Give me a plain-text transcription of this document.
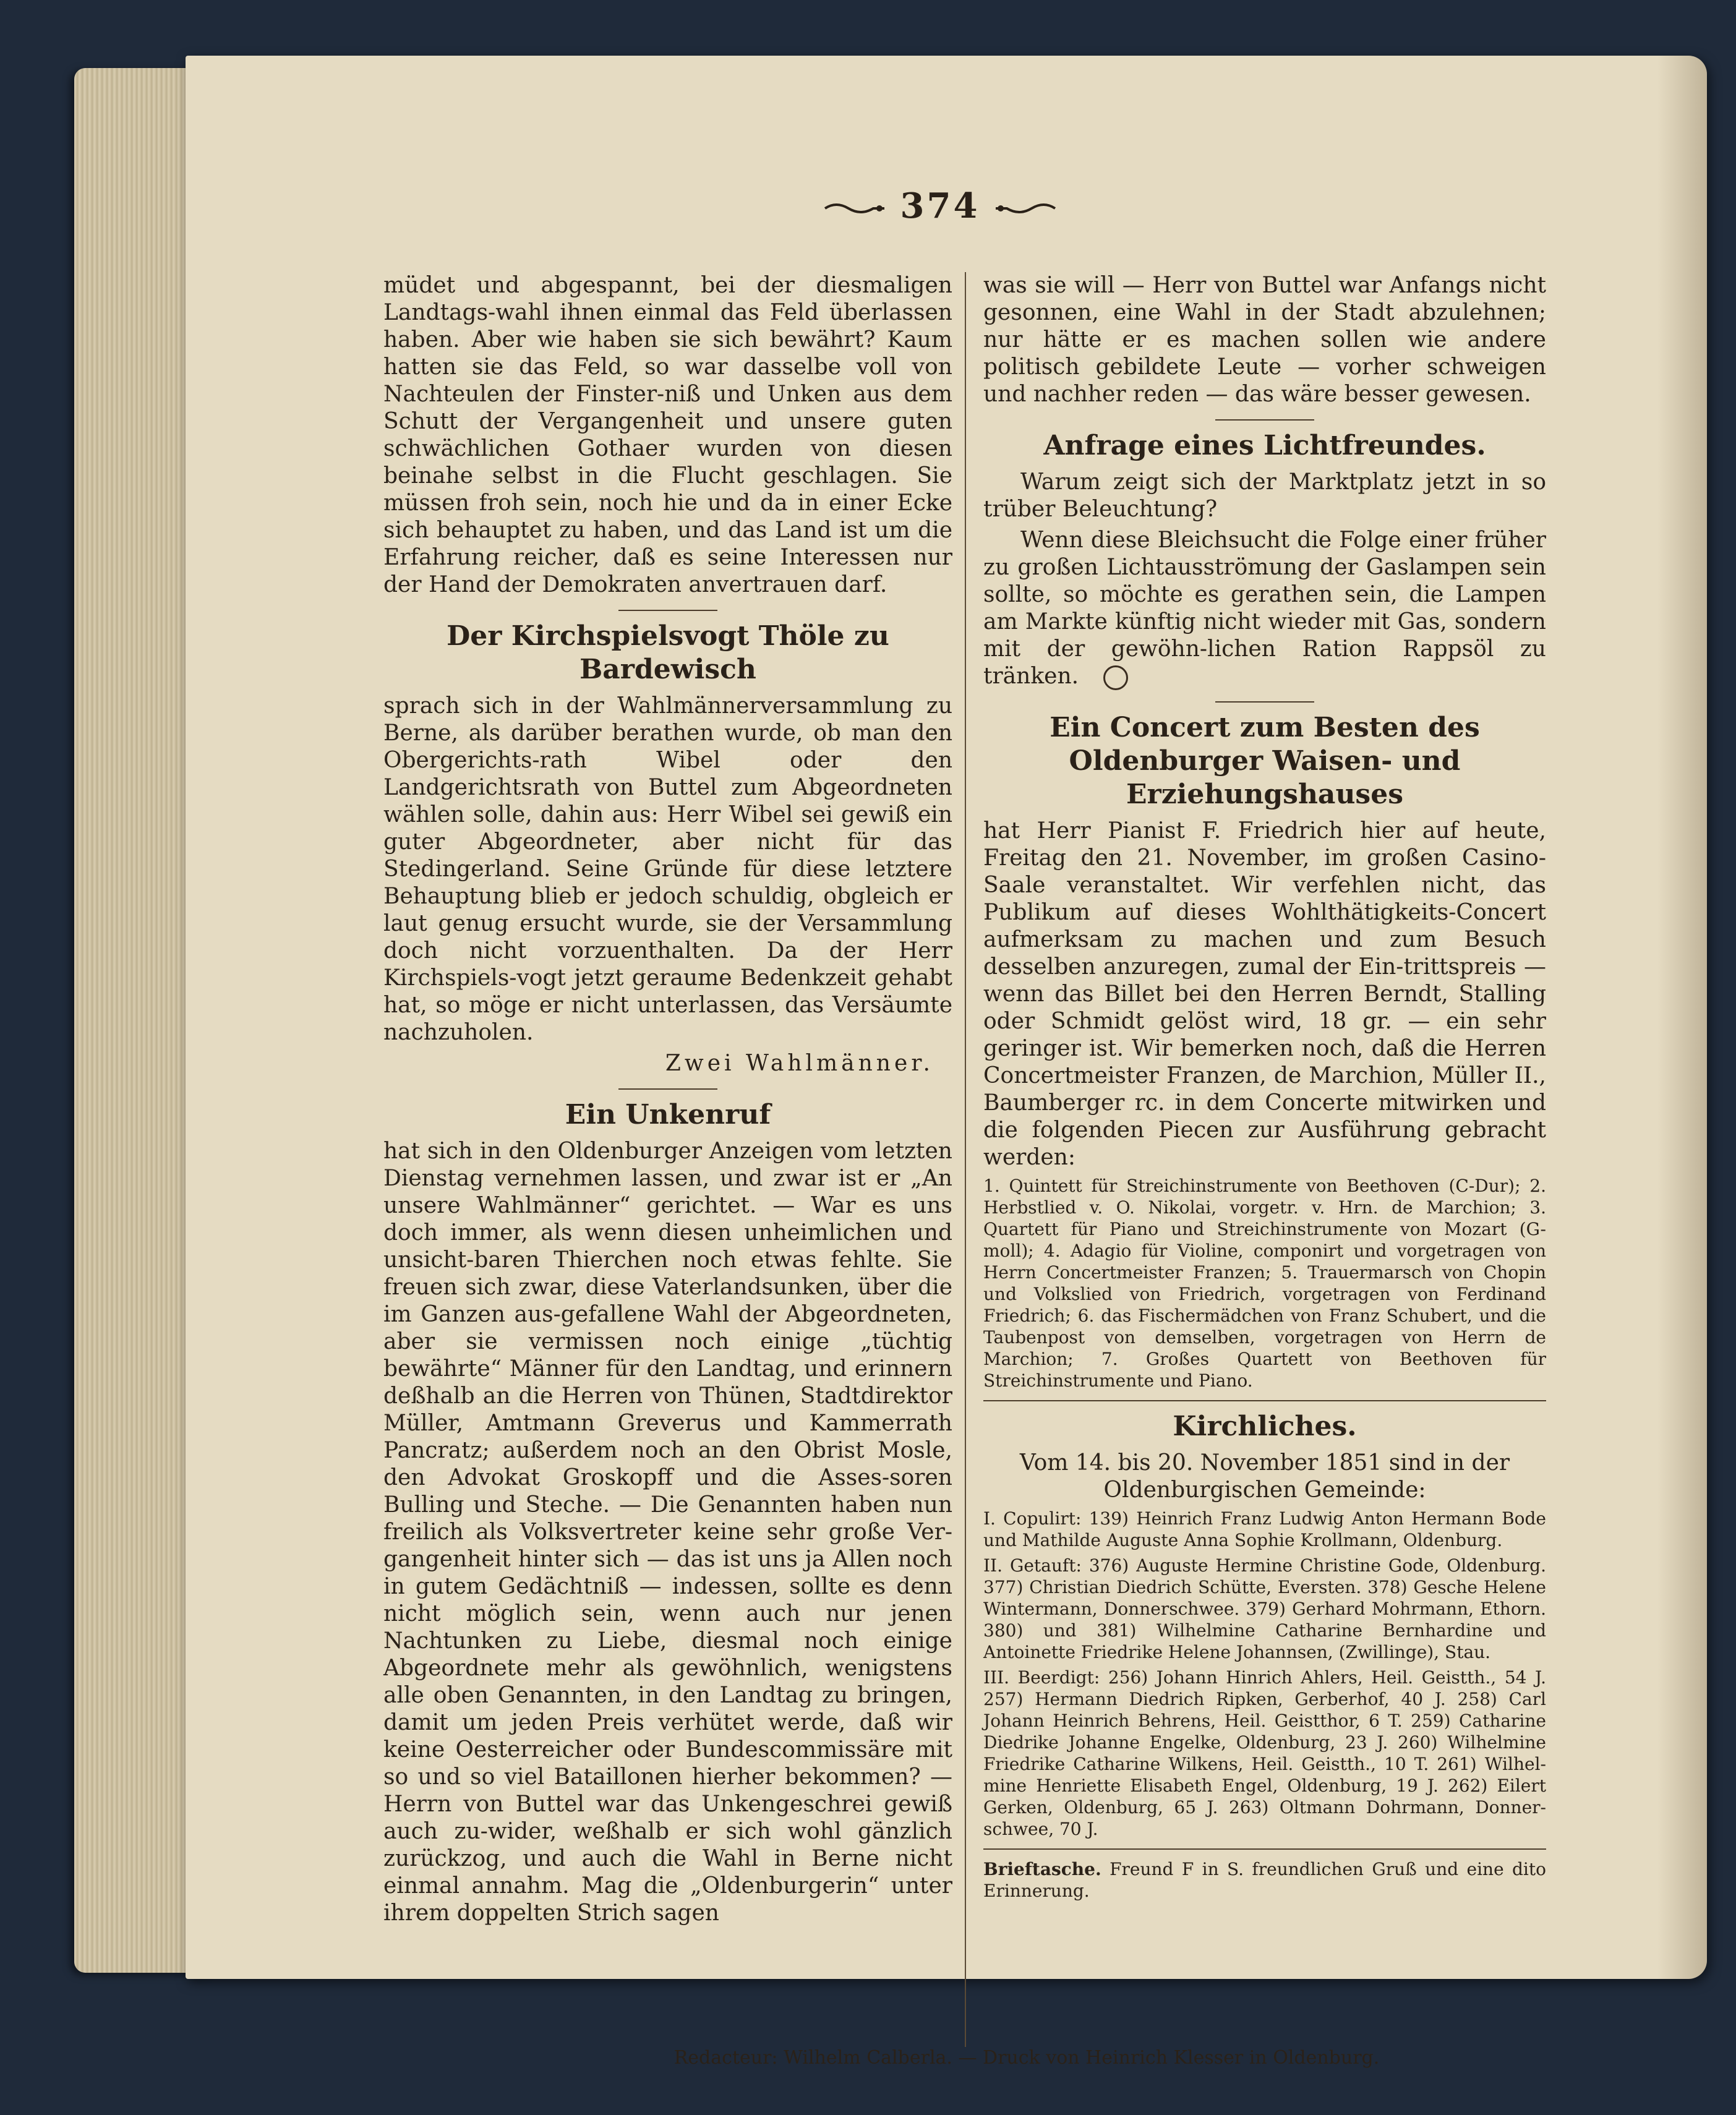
374

müdet und abgespannt, bei der diesmaligen Landtags-wahl ihnen einmal das Feld überlassen haben. Aber wie haben sie sich bewährt? Kaum hatten sie das Feld, so war dasselbe voll von Nachteulen der Finster-niß und Unken aus dem Schutt der Vergangenheit und unsere guten schwächlichen Gothaer wurden von diesen beinahe selbst in die Flucht geschlagen. Sie müssen froh sein, noch hie und da in einer Ecke sich behauptet zu haben, und das Land ist um die Erfahrung reicher, daß es seine Interessen nur der Hand der Demokraten anvertrauen darf.

Der Kirchspielsvogt Thöle zu Bardewisch

sprach sich in der Wahlmännerversammlung zu Berne, als darüber berathen wurde, ob man den Obergerichts-rath Wibel oder den Landgerichtsrath von Buttel zum Abgeordneten wählen solle, dahin aus: Herr Wibel sei gewiß ein guter Abgeordneter, aber nicht für das Stedingerland. Seine Gründe für diese letztere Behauptung blieb er jedoch schuldig, obgleich er laut genug ersucht wurde, sie der Versammlung doch nicht vorzuenthalten. Da der Herr Kirchspiels-vogt jetzt geraume Bedenkzeit gehabt hat, so möge er nicht unterlassen, das Versäumte nachzuholen.

Zwei Wahlmänner.
Ein Unkenruf

hat sich in den Oldenburger Anzeigen vom letzten Dienstag vernehmen lassen, und zwar ist er „An unsere Wahlmänner“ gerichtet. — War es uns doch immer, als wenn diesen unheimlichen und unsicht-baren Thierchen noch etwas fehlte. Sie freuen sich zwar, diese Vaterlandsunken, über die im Ganzen aus-gefallene Wahl der Abgeordneten, aber sie vermissen noch einige „tüchtig bewährte“ Männer für den Landtag, und erinnern deßhalb an die Herren von Thünen, Stadtdirektor Müller, Amtmann Greverus und Kammerrath Pancratz; außerdem noch an den Obrist Mosle, den Advokat Groskopff und die Asses-soren Bulling und Steche. — Die Genannten haben nun freilich als Volksvertreter keine sehr große Ver-gangenheit hinter sich — das ist uns ja Allen noch in gutem Gedächtniß — indessen, sollte es denn nicht möglich sein, wenn auch nur jenen Nachtunken zu Liebe, diesmal noch einige Abgeordnete mehr als gewöhnlich, wenigstens alle oben Genannten, in den Landtag zu bringen, damit um jeden Preis verhütet werde, daß wir keine Oesterreicher oder Bundescommissäre mit so und so viel Bataillonen hierher bekommen? — Herrn von Buttel war das Unkengeschrei gewiß auch zu-wider, weßhalb er sich wohl gänzlich zurückzog, und auch die Wahl in Berne nicht einmal annahm. Mag die „Oldenburgerin“ unter ihrem doppelten Strich sagen

was sie will — Herr von Buttel war Anfangs nicht gesonnen, eine Wahl in der Stadt abzulehnen; nur hätte er es machen sollen wie andere politisch gebildete Leute — vorher schweigen und nachher reden — das wäre besser gewesen.

Anfrage eines Lichtfreundes.

Warum zeigt sich der Marktplatz jetzt in so trüber Beleuchtung?

Wenn diese Bleichsucht die Folge einer früher zu großen Lichtausströmung der Gaslampen sein sollte, so möchte es gerathen sein, die Lampen am Markte künftig nicht wieder mit Gas, sondern mit der gewöhn-lichen Ration Rappsöl zu tränken.

Ein Concert zum Besten des Oldenburger Waisen- und Erziehungshauses

hat Herr Pianist F. Friedrich hier auf heute, Freitag den 21. November, im großen Casino-Saale veranstaltet. Wir verfehlen nicht, das Publikum auf dieses Wohlthätigkeits-Concert aufmerksam zu machen und zum Besuch desselben anzuregen, zumal der Ein-trittspreis — wenn das Billet bei den Herren Berndt, Stalling oder Schmidt gelöst wird, 18 gr. — ein sehr geringer ist. Wir bemerken noch, daß die Herren Concertmeister Franzen, de Marchion, Müller II., Baumberger rc. in dem Concerte mitwirken und die folgenden Piecen zur Ausführung gebracht werden:

1. Quintett für Streichinstrumente von Beethoven (C-Dur); 2. Herbstlied v. O. Nikolai, vorgetr. v. Hrn. de Marchion; 3. Quartett für Piano und Streichinstrumente von Mozart (G-moll); 4. Adagio für Violine, componirt und vorgetragen von Herrn Concertmeister Franzen; 5. Trauermarsch von Chopin und Volkslied von Friedrich, vorgetragen von Ferdinand Friedrich; 6. das Fischermädchen von Franz Schubert, und die Taubenpost von demselben, vorgetragen von Herrn de Marchion; 7. Großes Quartett von Beethoven für Streichinstrumente und Piano.

Kirchliches.

Vom 14. bis 20. November 1851 sind in der Oldenburgischen Gemeinde:

I. Copulirt: 139) Heinrich Franz Ludwig Anton Hermann Bode und Mathilde Auguste Anna Sophie Krollmann, Oldenburg.

II. Getauft: 376) Auguste Hermine Christine Gode, Oldenburg. 377) Christian Diedrich Schütte, Eversten. 378) Gesche Helene Wintermann, Donnerschwee. 379) Gerhard Mohrmann, Ethorn. 380) und 381) Wilhelmine Catharine Bernhardine und Antoinette Friedrike Helene Johannsen, (Zwillinge), Stau.

III. Beerdigt: 256) Johann Hinrich Ahlers, Heil. Geistth., 54 J. 257) Hermann Diedrich Ripken, Gerberhof, 40 J. 258) Carl Johann Heinrich Behrens, Heil. Geistthor, 6 T. 259) Catharine Diedrike Johanne Engelke, Oldenburg, 23 J. 260) Wilhelmine Friedrike Catharine Wilkens, Heil. Geistth., 10 T. 261) Wilhel-mine Henriette Elisabeth Engel, Oldenburg, 19 J. 262) Eilert Gerken, Oldenburg, 65 J. 263) Oltmann Dohrmann, Donner-schwee, 70 J.

Brieftasche. Freund F in S. freundlichen Gruß und eine dito Erinnerung.

Redacteur: Wilhelm Calberla. — Druck von Heinrich Klesser in Oldenburg.
